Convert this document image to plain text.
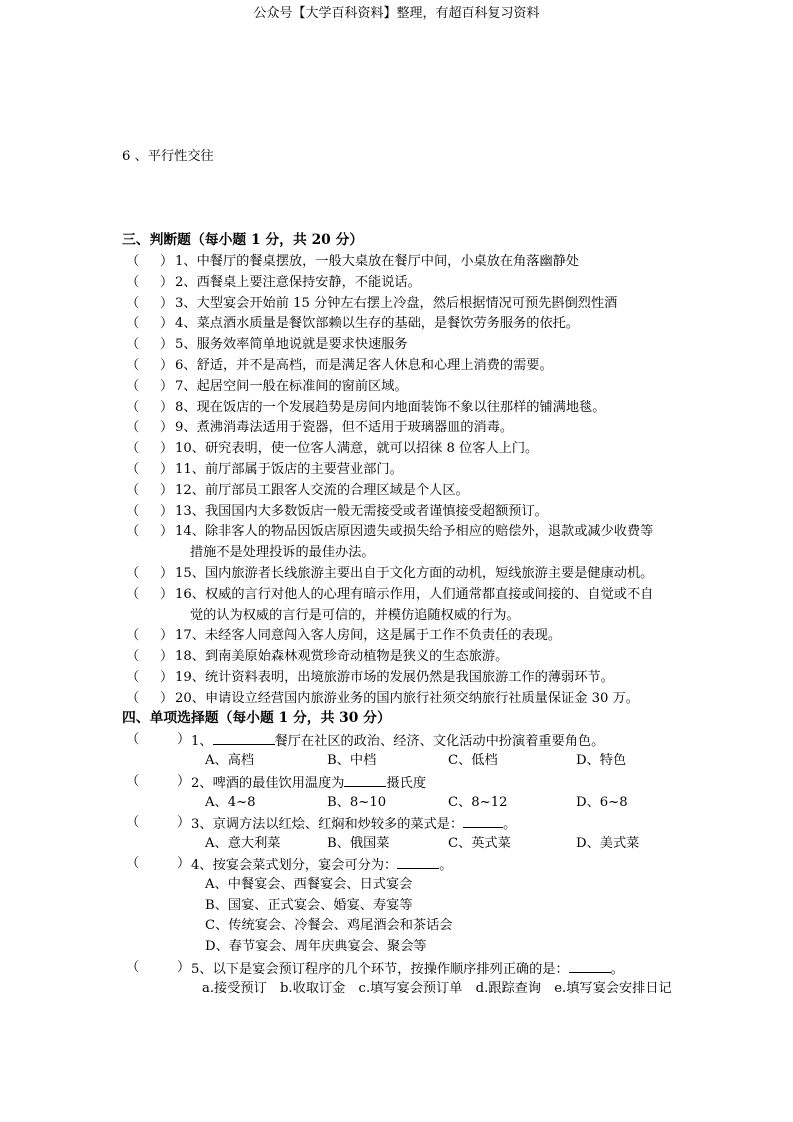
公众号【大学百科资料】整理，有超百科复习资料
6 、平行性交往
三、判断题（每小题 1 分，共 20 分）
（ ） 1、中餐厅的餐桌摆放，一般大桌放在餐厅中间，小桌放在角落幽静处
（ ） 2、西餐桌上要注意保持安静，不能说话。
（ ） 3、大型宴会开始前 15 分钟左右摆上冷盘，然后根据情况可预先斟倒烈性酒
（ ） 4、菜点酒水质量是餐饮部赖以生存的基础，是餐饮劳务服务的依托。
（ ） 5、服务效率简单地说就是要求快速服务
（ ） 6、舒适，并不是高档，而是满足客人休息和心理上消费的需要。
（ ） 7、起居空间一般在标准间的窗前区域。
（ ） 8、现在饭店的一个发展趋势是房间内地面装饰不象以往那样的铺满地毯。
（ ） 9、煮沸消毒法适用于瓷器，但不适用于玻璃器皿的消毒。
（ ） 10、研究表明，使一位客人满意，就可以招徕 8 位客人上门。
（ ） 11、前厅部属于饭店的主要营业部门。
（ ） 12、前厅部员工跟客人交流的合理区域是个人区。
（ ） 13、我国国内大多数饭店一般无需接受或者谨慎接受超额预订。
（ ） 14、除非客人的物品因饭店原因遗失或损失给予相应的赔偿外，退款或减少收费等
措施不是处理投诉的最佳办法。
（ ） 15、国内旅游者长线旅游主要出自于文化方面的动机，短线旅游主要是健康动机。
（ ） 16、权威的言行对他人的心理有暗示作用，人们通常都直接或间接的、自觉或不自
觉的认为权威的言行是可信的，并模仿追随权威的行为。
（ ） 17、未经客人同意闯入客人房间，这是属于工作不负责任的表现。
（ ） 18、到南美原始森林观赏珍奇动植物是狭义的生态旅游。
（ ） 19、统计资料表明，出境旅游市场的发展仍然是我国旅游工作的薄弱环节。
（ ） 20、申请设立经营国内旅游业务的国内旅行社须交纳旅行社质量保证金 30 万。
四、单项选择题（每小题 1 分，共 30 分）
（	） 1、	餐厅在社区的政治、经济、文化活动中扮演着重要角色。
A、高档	B、中档	C、低档	D、特色
（	） 2、啤酒的最佳饮用温度为	摄氏度
A、4~8	B、8~10	C、8~12	D、6~8
（	） 3、京调方法以红烩、红焖和炒较多的菜式是：	。
A、意大利菜	B、俄国菜	C、英式菜	D、美式菜
（	） 4、按宴会菜式划分，宴会可分为：	。
A、中餐宴会、西餐宴会、日式宴会
B、国宴、正式宴会、婚宴、寿宴等
C、传统宴会、冷餐会、鸡尾酒会和茶话会
D、春节宴会、周年庆典宴会、聚会等
（	） 5、以下是宴会预订程序的几个环节，按操作顺序排列正确的是：	。
a.接受预订　b.收取订金　c.填写宴会预订单　d.跟踪查询　e.填写宴会安排日记
